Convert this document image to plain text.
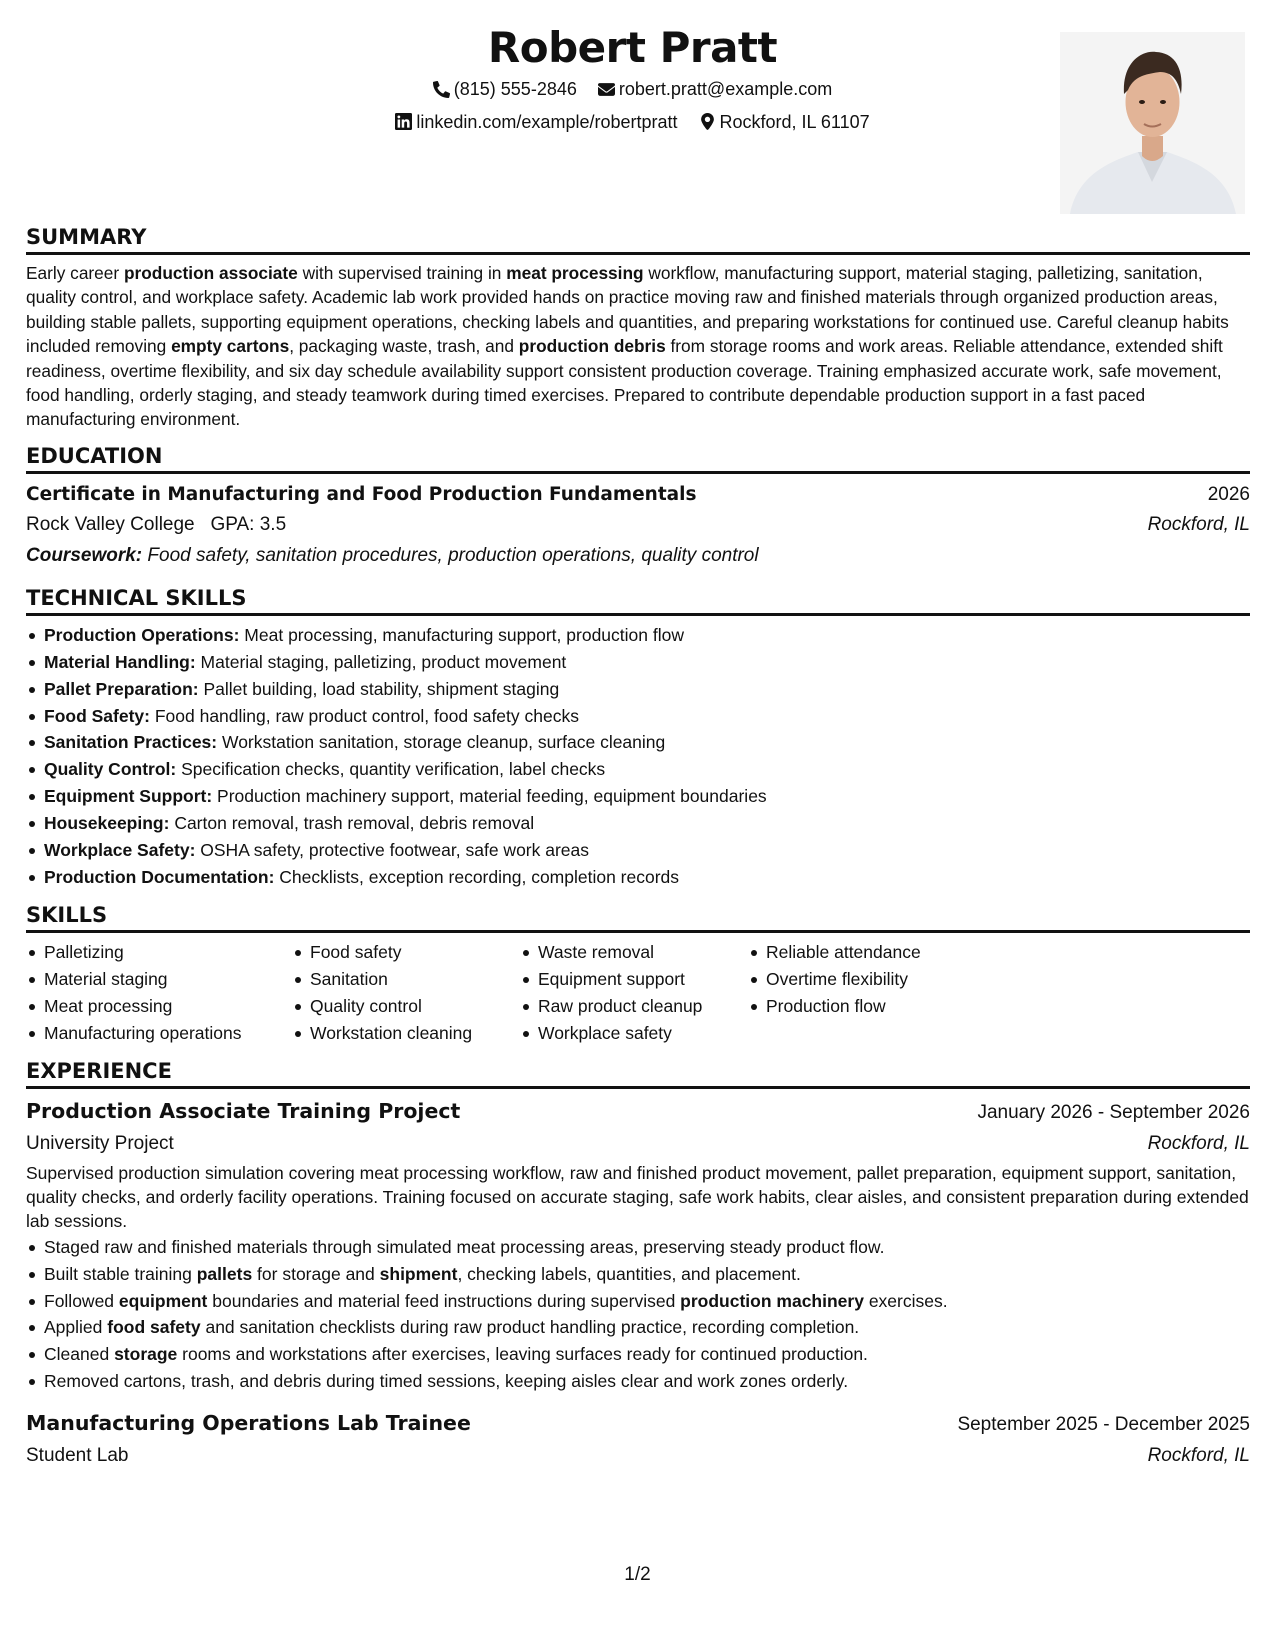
Robert Pratt
(815) 555-2846
robert.pratt@example.com
linkedin.com/example/robertpratt
Rockford, IL 61107
SUMMARY

Early career production associate with supervised training in meat processing workflow, manufacturing support, material staging, palletizing, sanitation, quality control, and workplace safety. Academic lab work provided hands on practice moving raw and finished materials through organized production areas, building stable pallets, supporting equipment operations, checking labels and quantities, and preparing workstations for continued use. Careful cleanup habits included removing empty cartons, packaging waste, trash, and production debris from storage rooms and work areas. Reliable attendance, extended shift readiness, overtime flexibility, and six day schedule availability support consistent production coverage. Training emphasized accurate work, safe movement, food handling, orderly staging, and steady teamwork during timed exercises. Prepared to contribute dependable production support in a fast paced manufacturing environment.

EDUCATION
Certificate in Manufacturing and Food Production Fundamentals	2026
Rock Valley College GPA: 3.5	Rockford, IL
Coursework: Food safety, sanitation procedures, production operations, quality control
TECHNICAL SKILLS
Production Operations: Meat processing, manufacturing support, production flow
Material Handling: Material staging, palletizing, product movement
Pallet Preparation: Pallet building, load stability, shipment staging
Food Safety: Food handling, raw product control, food safety checks
Sanitation Practices: Workstation sanitation, storage cleanup, surface cleaning
Quality Control: Specification checks, quantity verification, label checks
Equipment Support: Production machinery support, material feeding, equipment boundaries
Housekeeping: Carton removal, trash removal, debris removal
Workplace Safety: OSHA safety, protective footwear, safe work areas
Production Documentation: Checklists, exception recording, completion records
SKILLS
Palletizing
Material staging
Meat processing
Manufacturing operations
Food safety
Sanitation
Quality control
Workstation cleaning
Waste removal
Equipment support
Raw product cleanup
Workplace safety
Reliable attendance
Overtime flexibility
Production flow
EXPERIENCE
Production Associate Training Project	January 2026 - September 2026
University Project	Rockford, IL

Supervised production simulation covering meat processing workflow, raw and finished product movement, pallet preparation, equipment support, sanitation, quality checks, and orderly facility operations. Training focused on accurate staging, safe work habits, clear aisles, and consistent preparation during extended lab sessions.

Staged raw and finished materials through simulated meat processing areas, preserving steady product flow.
Built stable training pallets for storage and shipment, checking labels, quantities, and placement.
Followed equipment boundaries and material feed instructions during supervised production machinery exercises.
Applied food safety and sanitation checklists during raw product handling practice, recording completion.
Cleaned storage rooms and workstations after exercises, leaving surfaces ready for continued production.
Removed cartons, trash, and debris during timed sessions, keeping aisles clear and work zones orderly.
Manufacturing Operations Lab Trainee	September 2025 - December 2025
Student Lab	Rockford, IL
1/2
